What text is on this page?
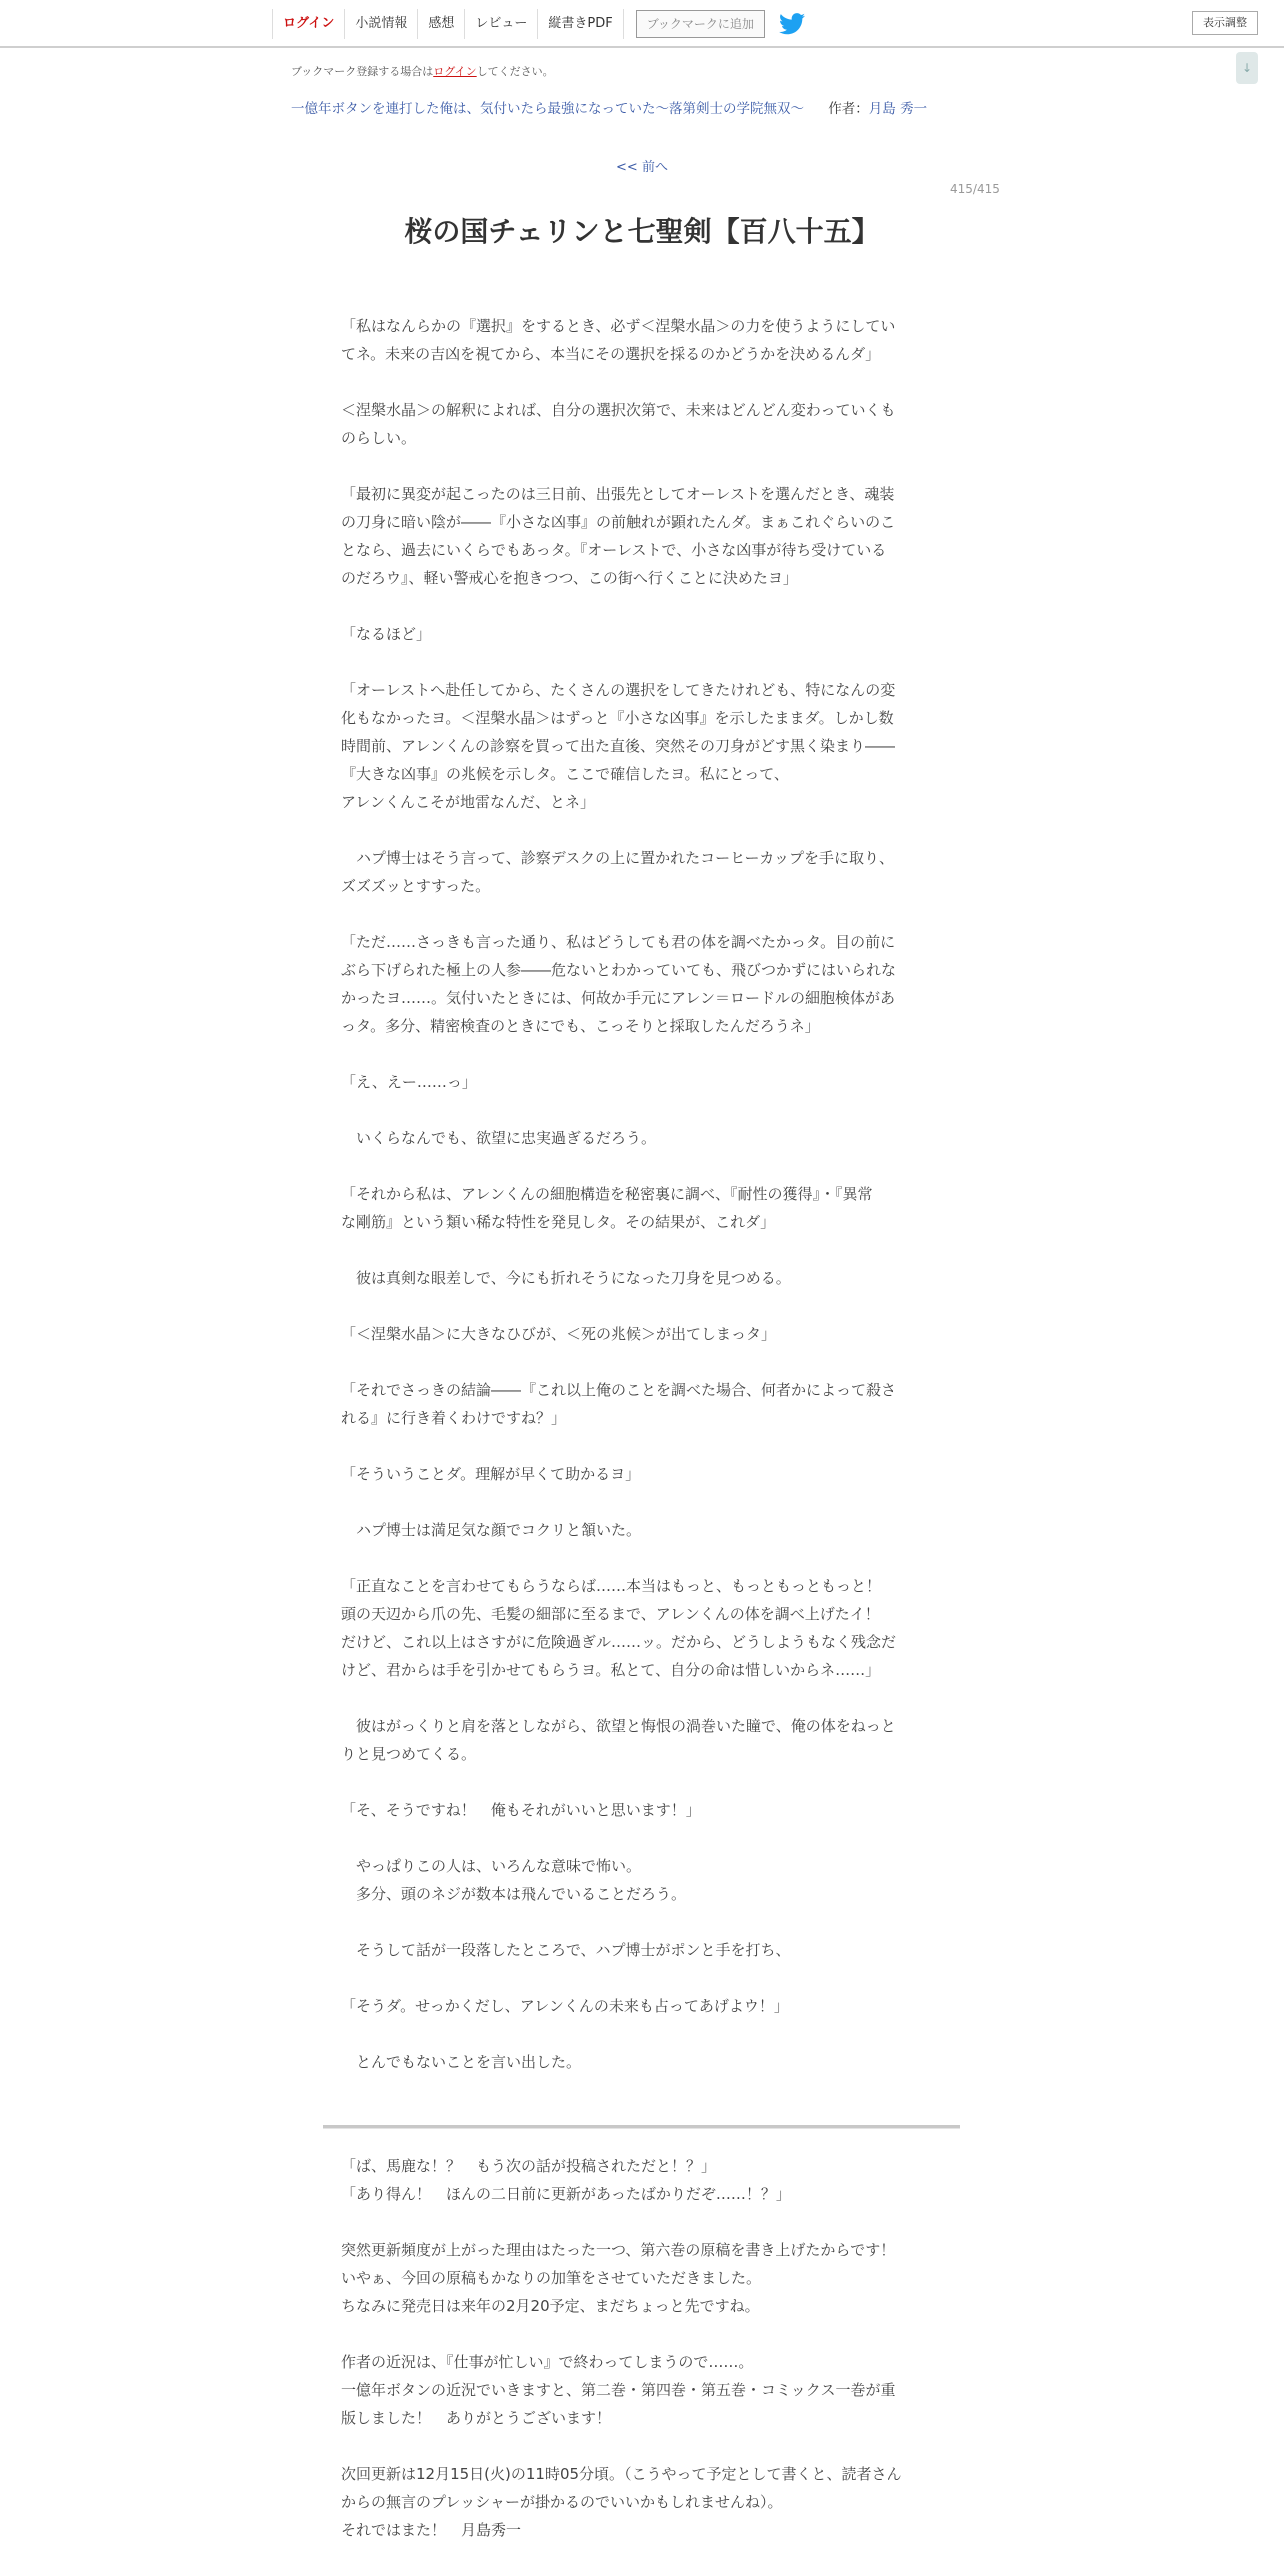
ログイン	小説情報	感想	レビュー	縦書きPDF	ブックマークに追加	表示調整
↓
ブックマーク登録する場合はログインしてください。
一億年ボタンを連打した俺は、気付いたら最強になっていた～落第剣士の学院無双～ 作者：月島 秀一
<< 前へ
415/415
桜の国チェリンと七聖剣【百八十五】

「私はなんらかの『選択』をするとき、必ず＜涅槃水晶＞の力を使うようにしてい

てネ。未来の吉凶を視てから、本当にその選択を採るのかどうかを決めるんダ」

＜涅槃水晶＞の解釈によれば、自分の選択次第で、未来はどんどん変わっていくも

のらしい。

「最初に異変が起こったのは三日前、出張先としてオーレストを選んだとき、魂装

の刀身に暗い陰が――『小さな凶事』の前触れが顕れたんダ。まぁこれぐらいのこ

となら、過去にいくらでもあっタ。『オーレストで、小さな凶事が待ち受けている

のだろウ』、軽い警戒心を抱きつつ、この街へ行くことに決めたヨ」

「なるほど」

「オーレストへ赴任してから、たくさんの選択をしてきたけれども、特になんの変

化もなかったヨ。＜涅槃水晶＞はずっと『小さな凶事』を示したままダ。しかし数

時間前、アレンくんの診察を買って出た直後、突然その刀身がどす黒く染まり――

『大きな凶事』の兆候を示しタ。ここで確信したヨ。私にとって、

アレンくんこそが地雷なんだ、とネ」

　ハプ博士はそう言って、診察デスクの上に置かれたコーヒーカップを手に取り、

ズズズッとすすった。

「ただ……さっきも言った通り、私はどうしても君の体を調べたかっタ。目の前に

ぶら下げられた極上の人参――危ないとわかっていても、飛びつかずにはいられな

かったヨ……。気付いたときには、何故か手元にアレン＝ロードルの細胞検体があ

っタ。多分、精密検査のときにでも、こっそりと採取したんだろうネ」

「え、えー……っ」

　いくらなんでも、欲望に忠実過ぎるだろう。

「それから私は、アレンくんの細胞構造を秘密裏に調べ、『耐性の獲得』・『異常

な剛筋』という類い稀な特性を発見しタ。その結果が、これダ」

　彼は真剣な眼差しで、今にも折れそうになった刀身を見つめる。

「＜涅槃水晶＞に大きなひびが、＜死の兆候＞が出てしまっタ」

「それでさっきの結論――『これ以上俺のことを調べた場合、何者かによって殺さ

れる』に行き着くわけですね？」

「そういうことダ。理解が早くて助かるヨ」

　ハプ博士は満足気な顔でコクリと頷いた。

「正直なことを言わせてもらうならば……本当はもっと、もっともっともっと！

頭の天辺から爪の先、毛髪の細部に至るまで、アレンくんの体を調べ上げたイ！

だけど、これ以上はさすがに危険過ぎル……ッ。だから、どうしようもなく残念だ

けど、君からは手を引かせてもらうヨ。私とて、自分の命は惜しいからネ……」

　彼はがっくりと肩を落としながら、欲望と悔恨の渦巻いた瞳で、俺の体をねっと

りと見つめてくる。

「そ、そうですね！　俺もそれがいいと思います！」

　やっぱりこの人は、いろんな意味で怖い。

　多分、頭のネジが数本は飛んでいることだろう。

　そうして話が一段落したところで、ハプ博士がポンと手を打ち、

「そうダ。せっかくだし、アレンくんの未来も占ってあげよウ！」

　とんでもないことを言い出した。

「ば、馬鹿な！？　もう次の話が投稿されただと！？」

「あり得ん！　ほんの二日前に更新があったばかりだぞ……！？」

突然更新頻度が上がった理由はたった一つ、第六巻の原稿を書き上げたからです！

いやぁ、今回の原稿もかなりの加筆をさせていただきました。

ちなみに発売日は来年の2月20予定、まだちょっと先ですね。

作者の近況は、『仕事が忙しい』で終わってしまうので……。

一億年ボタンの近況でいきますと、第二巻・第四巻・第五巻・コミックス一巻が重

版しました！　ありがとうございます！

次回更新は12月15日(火)の11時05分頃。（こうやって予定として書くと、読者さん

からの無言のプレッシャーが掛かるのでいいかもしれませんね）。

それではまた！　月島秀一
